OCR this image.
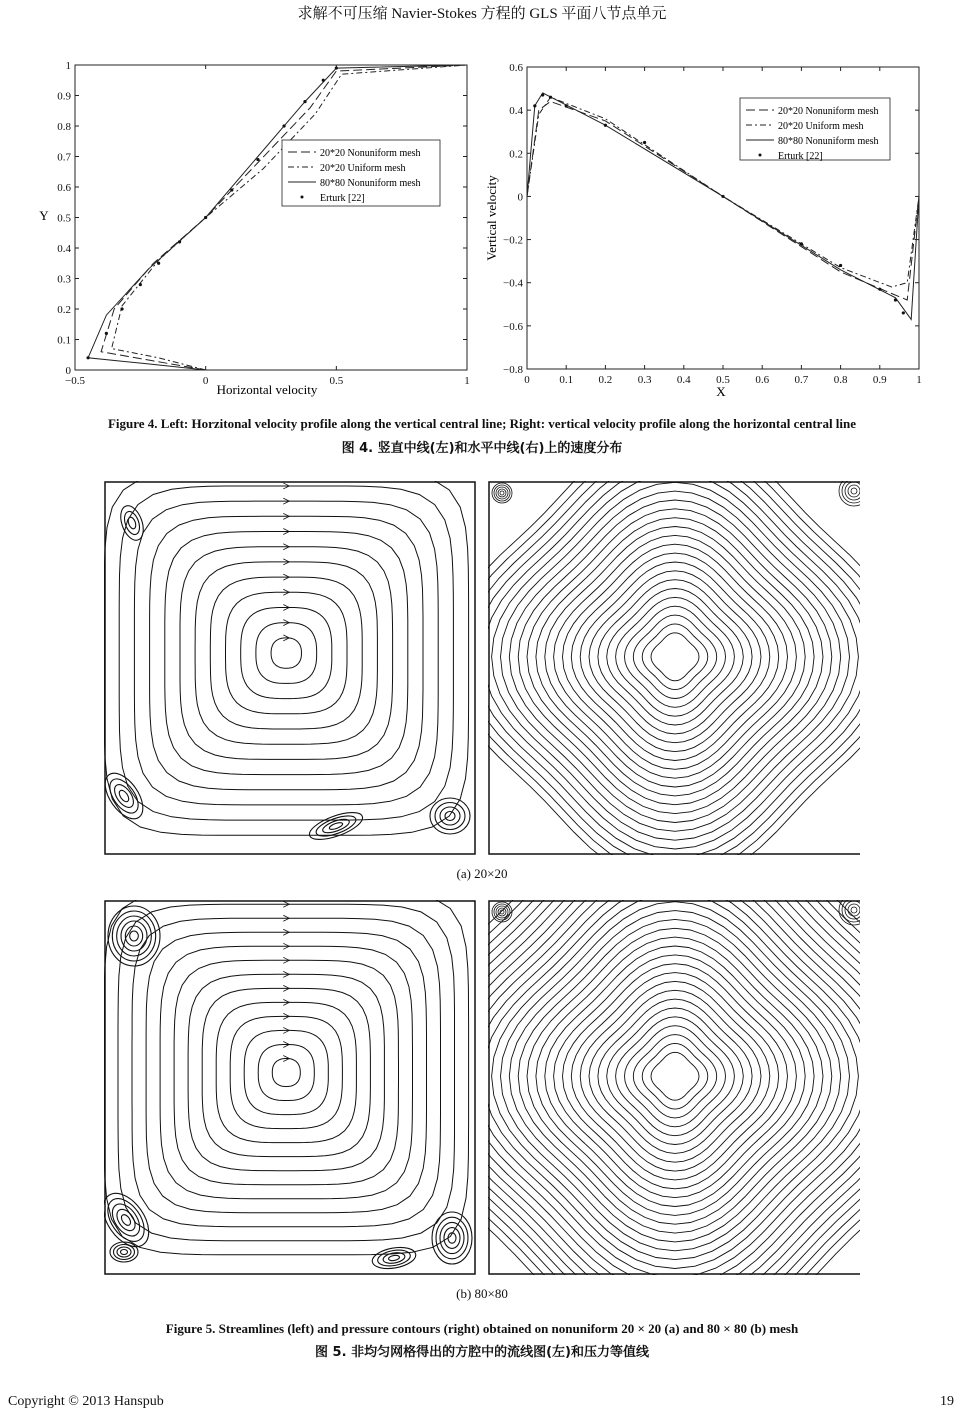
求解不可压缩 Navier-Stokes 方程的 GLS 平面八节点单元
−0.5	0	0.5	1
0
0.1
0.2
0.3
0.4
0.5
0.6
0.7
0.8
0.9
1
Horizontal velocity
Y
20*20 Nonuniform mesh
20*20 Uniform mesh
80*80 Nonuniform mesh
Erturk [22]
0	0.1 0.2 0.3 0.4 0.5 0.6 0.7 0.8 0.9	1
−0.8
−0.6
−0.4
−0.2
0
0.2
0.4
0.6
X
Vertical velocity
20*20 Nonuniform mesh
20*20 Uniform mesh
80*80 Nonuniform mesh
Erturk [22]
Figure 4. Left: Horzitonal velocity profile along the vertical central line; Right: vertical velocity profile along the horizontal central line
图 4. 竖直中线(左)和水平中线(右)上的速度分布
(a) 20×20
(b) 80×80
Figure 5. Streamlines (left) and pressure contours (right) obtained on nonuniform 20 × 20 (a) and 80 × 80 (b) mesh
图 5. 非均匀网格得出的方腔中的流线图(左)和压力等值线
Copyright © 2013 Hanspub	19
